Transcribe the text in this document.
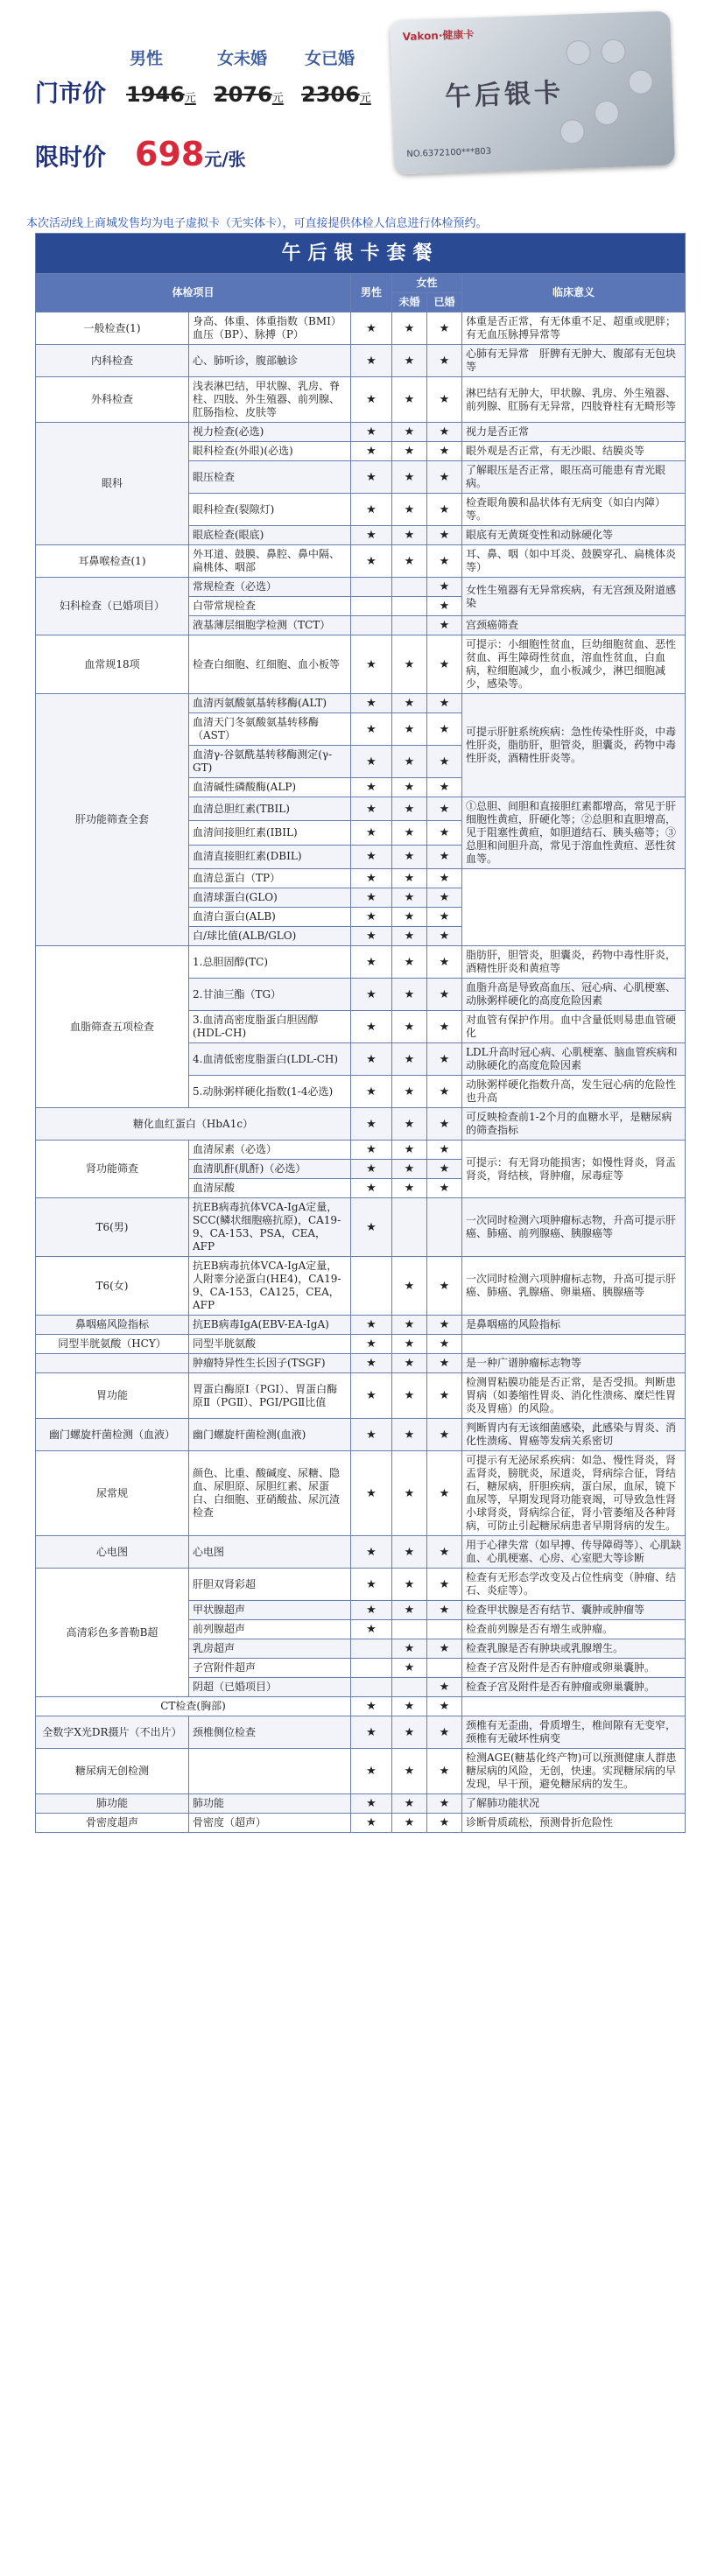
男性	女未婚	女已婚
门市价 1946元 2076元 2306元
限时价 698 元/张
Vakon·健康卡
午后银卡
NO.6372100***803
本次活动线上商城发售均为电子虚拟卡（无实体卡），可直接提供体检人信息进行体检预约。
午后银卡套餐					
体检项目		男性	女性		临床意义
			未婚	已婚	
一般检查(1)	身高、体重、体重指数（BMI）血压（BP）、脉搏（P）	★	★	★	体重是否正常，有无体重不足、超重或肥胖；有无血压脉搏异常等
内科检查	心、肺听诊，腹部触诊	★	★	★	心肺有无异常　肝脾有无肿大、腹部有无包块等
外科检查	浅表淋巴结，甲状腺、乳房、脊柱、四肢、外生殖器、前列腺、肛肠指检、皮肤等	★	★	★	淋巴结有无肿大，甲状腺、乳房、外生殖器、前列腺、肛肠有无异常，四肢脊柱有无畸形等
眼科	视力检查(必选)	★	★	★	视力是否正常
	眼科检查(外眼)(必选)	★	★	★	眼外观是否正常，有无沙眼、结膜炎等
	眼压检查	★	★	★	了解眼压是否正常，眼压高可能患有青光眼病。
	眼科检查(裂隙灯)	★	★	★	检查眼角膜和晶状体有无病变（如白内障）等。
	眼底检查(眼底)	★	★	★	眼底有无黄斑变性和动脉硬化等
耳鼻喉检查(1)	外耳道、鼓膜、鼻腔、鼻中隔、扁桃体、咽部	★	★	★	耳、鼻、咽（如中耳炎、鼓膜穿孔、扁桃体炎等）
妇科检查（已婚项目）	常规检查（必选）			★	女性生殖器有无异常疾病，有无宫颈及附道感染
	白带常规检查			★	
	液基薄层细胞学检测（TCT）			★	宫颈癌筛查
血常规18项	检查白细胞、红细胞、血小板等	★	★	★	可提示：小细胞性贫血，巨幼细胞贫血、恶性贫血、再生障碍性贫血，溶血性贫血，白血病，粒细胞减少，血小板减少，淋巴细胞减少，感染等。
肝功能筛查全套	血清丙氨酸氨基转移酶(ALT)	★	★	★	可提示肝脏系统疾病：急性传染性肝炎，中毒性肝炎，脂肪肝，胆管炎，胆囊炎，药物中毒性肝炎，酒精性肝炎等。
	血清天门冬氨酸氨基转移酶（AST）	★	★	★	
	血清γ-谷氨酰基转移酶测定(γ-GT)	★	★	★	
	血清碱性磷酸酶(ALP)	★	★	★	
	血清总胆红素(TBIL)	★	★	★	①总胆、间胆和直接胆红素都增高，常见于肝细胞性黄疸，肝硬化等；②总胆和直胆增高，见于阻塞性黄疸，如胆道结石、胰头癌等；③总胆和间胆升高，常见于溶血性黄疸、恶性贫血等。
	血清间接胆红素(IBIL)	★	★	★	
	血清直接胆红素(DBIL)	★	★	★	
	血清总蛋白（TP）	★	★	★	
	血清球蛋白(GLO)	★	★	★	
	血清白蛋白(ALB)	★	★	★	
	白/球比值(ALB/GLO)	★	★	★	
血脂筛查五项检查	1.总胆固醇(TC)	★	★	★	脂肪肝，胆管炎，胆囊炎，药物中毒性肝炎，酒精性肝炎和黄疸等
	2.甘油三酯（TG）	★	★	★	血脂升高是导致高血压、冠心病、心肌梗塞、动脉粥样硬化的高度危险因素
	3.血清高密度脂蛋白胆固醇(HDL-CH)	★	★	★	对血管有保护作用。血中含量低则易患血管硬化
	4.血清低密度脂蛋白(LDL-CH)	★	★	★	LDL升高时冠心病、心肌梗塞、脑血管疾病和动脉硬化的高度危险因素
	5.动脉粥样硬化指数(1-4必选)	★	★	★	动脉粥样硬化指数升高，发生冠心病的危险性也升高
糖化血红蛋白（HbA1c）		★	★	★	可反映检查前1-2个月的血糖水平，是糖尿病的筛查指标
肾功能筛查	血清尿素（必选）	★	★	★	可提示：有无肾功能损害；如慢性肾炎，肾盂肾炎，肾结核，肾肿瘤，尿毒症等
	血清肌酐(肌酐)（必选）	★	★	★	
	血清尿酸	★	★	★	
T6(男)	抗EB病毒抗体VCA-IgA定量，SCC(鳞状细胞癌抗原)，CA19-9、CA-153、PSA，CEA，AFP	★			一次同时检测六项肿瘤标志物，升高可提示肝癌、肺癌、前列腺癌、胰腺癌等
T6(女)	抗EB病毒抗体VCA-IgA定量，人附睾分泌蛋白(HE4)，CA19-9、CA-153，CA125，CEA，AFP		★	★	一次同时检测六项肿瘤标志物，升高可提示肝癌、肺癌、乳腺癌、卵巢癌、胰腺癌等
鼻咽癌风险指标	抗EB病毒IgA(EBV-EA-IgA)	★	★	★	是鼻咽癌的风险指标
同型半胱氨酸（HCY）	同型半胱氨酸	★	★	★	
	肿瘤特异性生长因子(TSGF)	★	★	★	是一种广谱肿瘤标志物等
胃功能	胃蛋白酶原Ⅰ（PGⅠ）、胃蛋白酶原Ⅱ（PGⅡ）、PGⅠ/PGⅡ比值	★	★	★	检测胃粘膜功能是否正常，是否受损。判断患胃病（如萎缩性胃炎、消化性溃疡、糜烂性胃炎及胃癌）的风险。
幽门螺旋杆菌检测（血液）	幽门螺旋杆菌检测(血液)	★	★	★	判断胃内有无该细菌感染，此感染与胃炎、消化性溃疡、胃癌等发病关系密切
尿常规	颜色、比重、酸碱度、尿糖、隐血、尿胆原、尿胆红素、尿蛋白、白细胞、亚硝酸盐、尿沉渣检查	★	★	★	可提示有无泌尿系疾病：如急、慢性肾炎，肾盂肾炎，膀胱炎，尿道炎，肾病综合征，肾结石，糖尿病，肝胆疾病，蛋白尿，血尿，镜下血尿等，早期发现肾功能衰竭，可导致急性肾小球肾炎，肾病综合征，肾小管萎缩及各种肾病，可防止引起糖尿病患者早期肾病的发生。
心电图	心电图	★	★	★	用于心律失常（如早搏、传导障碍等）、心肌缺血、心肌梗塞、心房、心室肥大等诊断
高清彩色多普勒B超	肝胆双肾彩超	★	★	★	检查有无形态学改变及占位性病变（肿瘤、结石、炎症等）。
	甲状腺超声	★	★	★	检查甲状腺是否有结节、囊肿或肿瘤等
	前列腺超声	★			检查前列腺是否有增生或肿瘤。
	乳房超声		★	★	检查乳腺是否有肿块或乳腺增生。
	子宫附件超声		★		检查子宫及附件是否有肿瘤或卵巢囊肿。
	阴超（已婚项目）			★	检查子宫及附件是否有肿瘤或卵巢囊肿。
CT检查(胸部)		★	★	★	
全数字X光DR摄片（不出片）	颈椎侧位检查	★	★	★	颈椎有无歪曲，骨质增生，椎间隙有无变窄，颈椎有无破坏性病变
糖尿病无创检测		★	★	★	检测AGE(糖基化终产物)可以预测健康人群患糖尿病的风险，无创，快速。实现糖尿病的早发现，早干预，避免糖尿病的发生。
肺功能	肺功能	★	★	★	了解肺功能状况
骨密度超声	骨密度（超声）	★	★	★	诊断骨质疏松，预测骨折危险性
